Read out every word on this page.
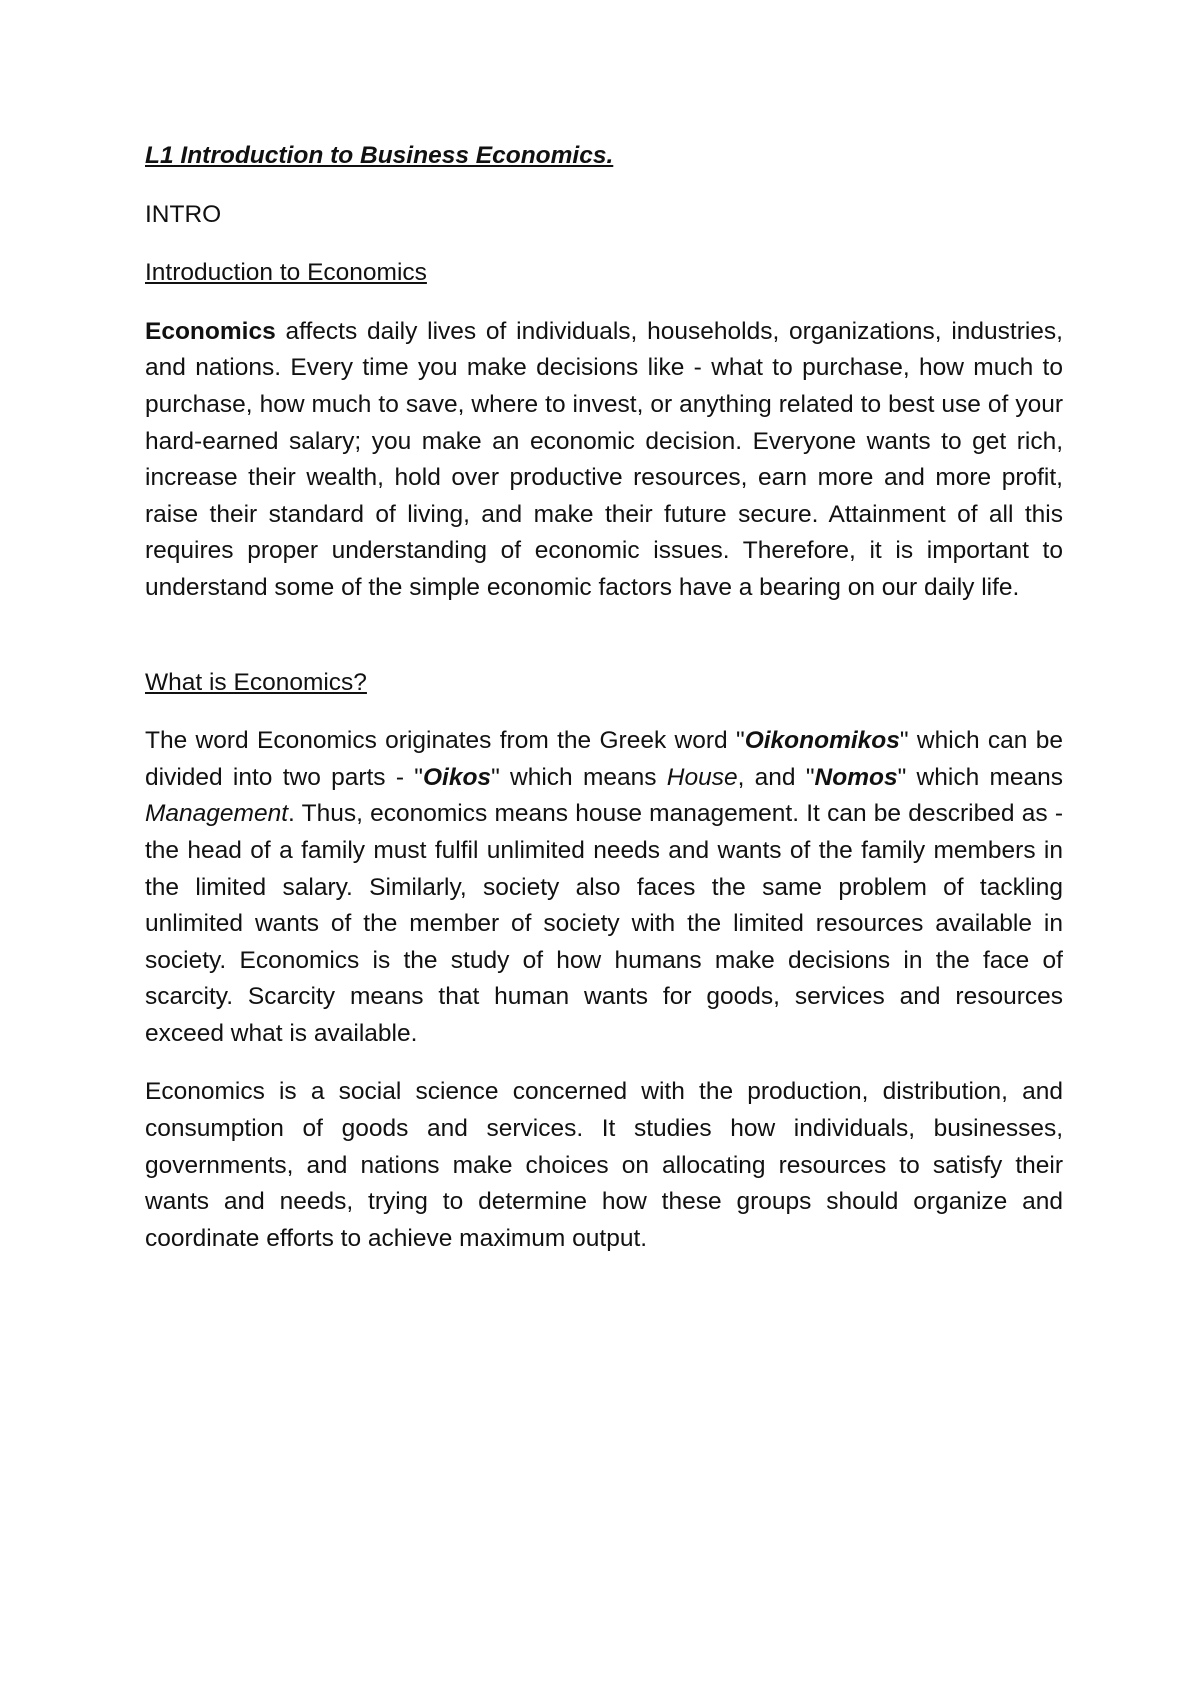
L1 Introduction to Business Economics.

INTRO

Introduction to Economics

Economics affects daily lives of individuals, households, organizations, industries, and nations. Every time you make decisions like - what to purchase, how much to purchase, how much to save, where to invest, or anything related to best use of your hard-earned salary; you make an economic decision. Everyone wants to get rich, increase their wealth, hold over productive resources, earn more and more profit, raise their standard of living, and make their future secure. Attainment of all this requires proper understanding of economic issues. Therefore, it is important to understand some of the simple economic factors have a bearing on our daily life.

What is Economics?

The word Economics originates from the Greek word "Oikonomikos" which can be divided into two parts - "Oikos" which means House, and "Nomos" which means Management. Thus, economics means house management. It can be described as - the head of a family must fulfil unlimited needs and wants of the family members in the limited salary. Similarly, society also faces the same problem of tackling unlimited wants of the member of society with the limited resources available in society. Economics is the study of how humans make decisions in the face of scarcity. Scarcity means that human wants for goods, services and resources exceed what is available.

Economics is a social science concerned with the production, distribution, and consumption of goods and services. It studies how individuals, businesses, governments, and nations make choices on allocating resources to satisfy their wants and needs, trying to determine how these groups should organize and coordinate efforts to achieve maximum output.
